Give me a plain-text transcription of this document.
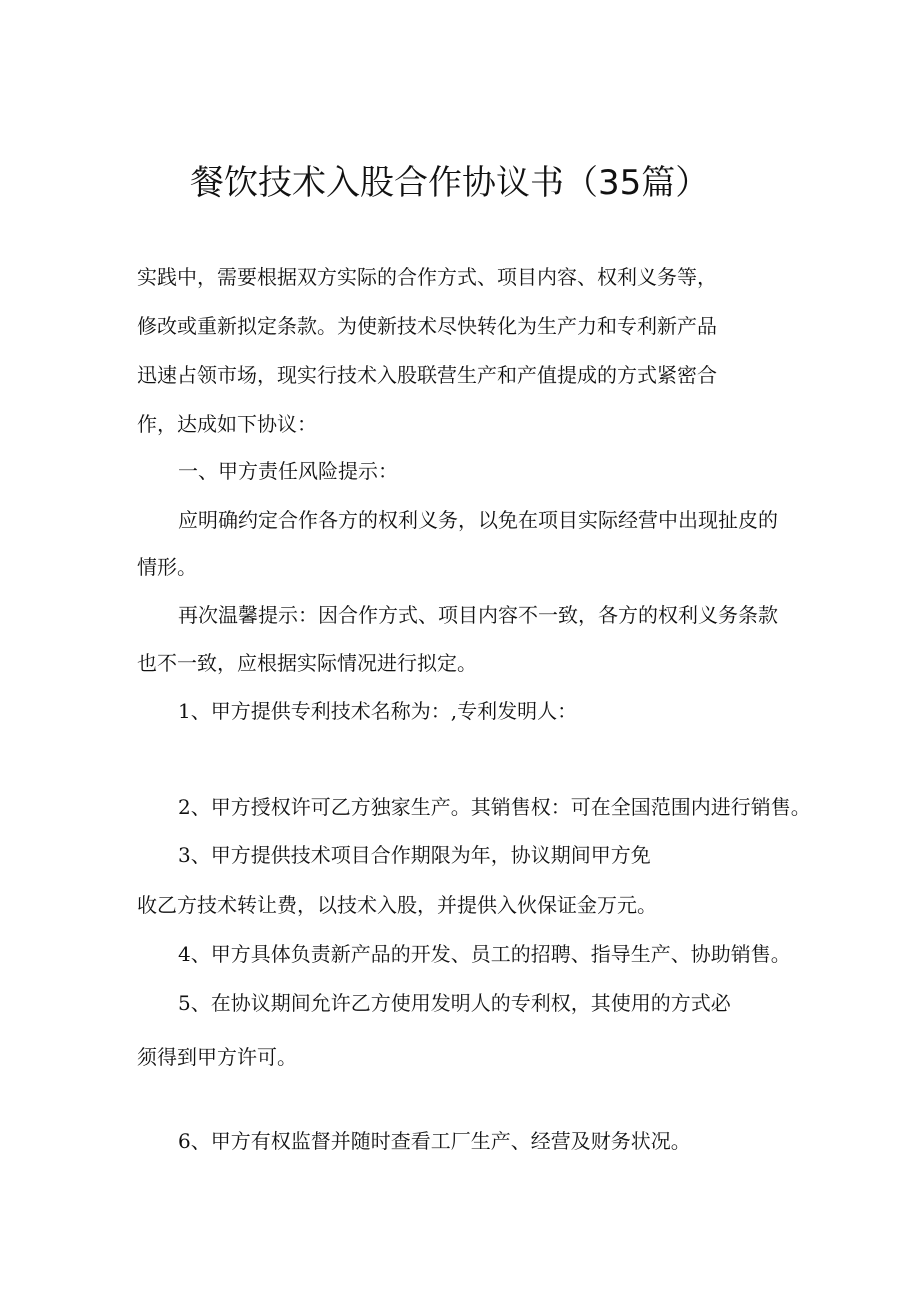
餐饮技术入股合作协议书（35篇）
实践中，需要根据双方实际的合作方式、项目内容、权利义务等，
修改或重新拟定条款。为使新技术尽快转化为生产力和专利新产品
迅速占领市场，现实行技术入股联营生产和产值提成的方式紧密合
作，达成如下协议：
一、甲方责任风险提示：
应明确约定合作各方的权利义务，以免在项目实际经营中出现扯皮的
情形。
再次温馨提示：因合作方式、项目内容不一致，各方的权利义务条款
也不一致，应根据实际情况进行拟定。
1、甲方提供专利技术名称为：,专利发明人：
2、甲方授权许可乙方独家生产。其销售权：可在全国范围内进行销售。
3、甲方提供技术项目合作期限为年，协议期间甲方免
收乙方技术转让费，以技术入股，并提供入伙保证金万元。
4、甲方具体负责新产品的开发、员工的招聘、指导生产、协助销售。
5、在协议期间允许乙方使用发明人的专利权，其使用的方式必
须得到甲方许可。
6、甲方有权监督并随时查看工厂生产、经营及财务状况。
